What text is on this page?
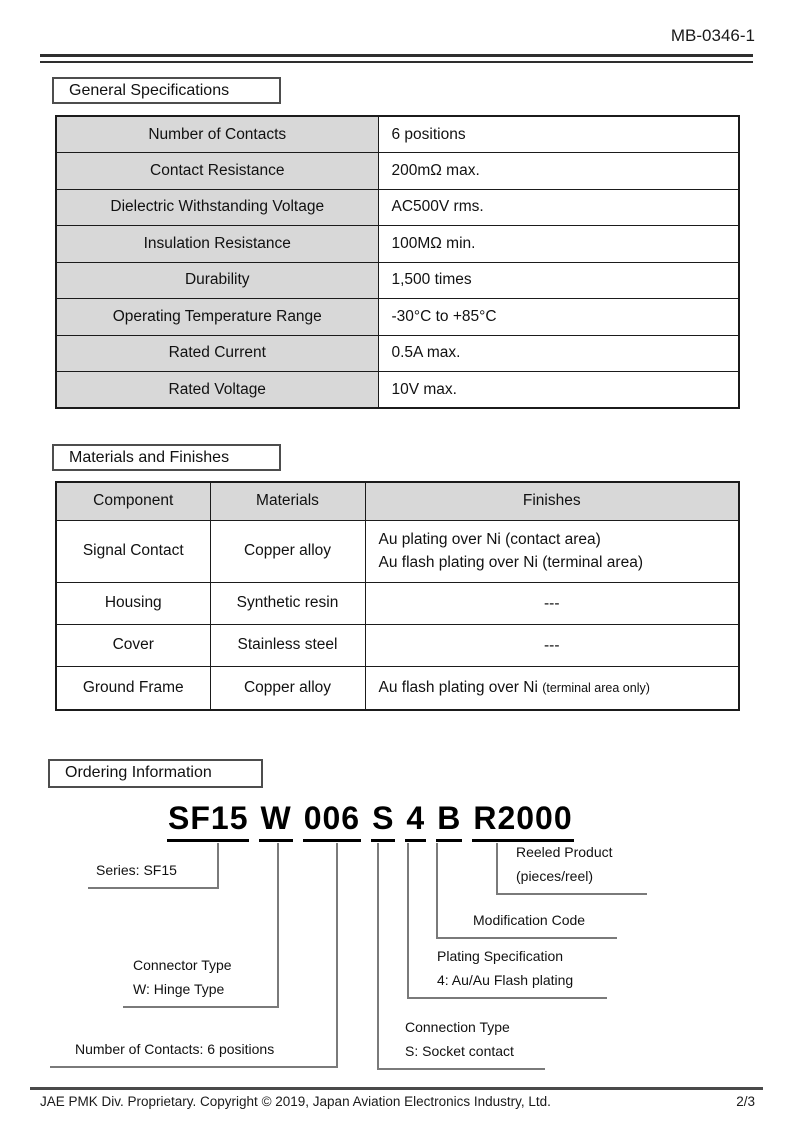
MB-0346-1
General Specifications
Number of Contacts	6 positions
Contact Resistance	200mΩ max.
Dielectric Withstanding Voltage	AC500V rms.
Insulation Resistance	100MΩ min.
Durability	1,500 times
Operating Temperature Range	-30°C to +85°C
Rated Current	0.5A max.
Rated Voltage	10V max.
Materials and Finishes
Component	Materials	Finishes
Signal Contact	Copper alloy	Au plating over Ni (contact area)
Au flash plating over Ni (terminal area)

Housing	Synthetic resin	---
Cover	Stainless steel	---
Ground Frame	Copper alloy	Au flash plating over Ni (terminal area only)
Ordering Information
SF15 W 006 S 4 B R2000
Series: SF15
Connector Type
W: Hinge Type
Number of Contacts: 6 positions
Connection Type
S: Socket contact
Plating Specification
4: Au/Au Flash plating
Modification Code
Reeled Product
(pieces/reel)
JAE PMK Div. Proprietary. Copyright © 2019, Japan Aviation Electronics Industry, Ltd.	2/3
